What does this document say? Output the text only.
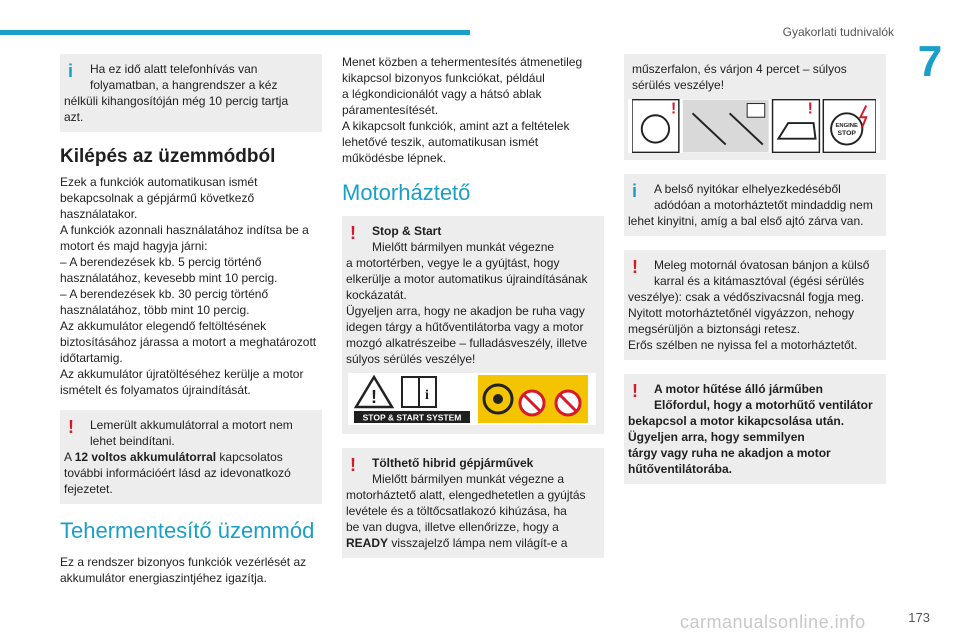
Gyakorlati tudnivalók
7
i	Ha ez idő alatt telefonhívás van
folyamatban, a hangrendszer a kéz
nélküli kihangosítóján még 10 percig tartja
azt.
Kilépés az üzemmódból
Ezek a funkciók automatikusan ismét
bekapcsolnak a gépjármű következő
használatakor.
A funkciók azonnali használatához indítsa be a
motort és majd hagyja járni:
– A berendezések kb. 5 percig történő
használatához, kevesebb mint 10 percig.
– A berendezések kb. 30 percig történő
használatához, több mint 10 percig.
Az akkumulátor elegendő feltöltésének
biztosításához járassa a motort a meghatározott
időtartamig.
Az akkumulátor újratöltéséhez kerülje a motor
ismételt és folyamatos újraindítását.
!	Lemerült akkumulátorral a motort nem
lehet beindítani.
A 12 voltos akkumulátorral kapcsolatos
további információért lásd az idevonatkozó
fejezetet.
Tehermentesítő üzemmód
Ez a rendszer bizonyos funkciók vezérlését az
akkumulátor energiaszintjéhez igazítja.
Menet közben a tehermentesítés átmenetileg
kikapcsol bizonyos funkciókat, például
a légkondicionálót vagy a hátsó ablak
páramentesítését.
A kikapcsolt funkciók, amint azt a feltételek
lehetővé teszik, automatikusan ismét
működésbe lépnek.
Motorháztető
!	Stop & Start
Mielőtt bármilyen munkát végezne
a motortérben, vegye le a gyújtást, hogy
elkerülje a motor automatikus újraindításának
kockázatát.
Ügyeljen arra, hogy ne akadjon be ruha vagy
idegen tárgy a hűtőventilátorba vagy a motor
mozgó alkatrészeibe – fulladásveszély, illetve
súlyos sérülés veszélye!
!	i
STOP & START SYSTEM
!	Tölthető hibrid gépjárművek
Mielőtt bármilyen munkát végezne a
motorháztető alatt, elengedhetetlen a gyújtás
levétele és a töltőcsatlakozó kihúzása, ha
be van dugva, illetve ellenőrizze, hogy a
READY visszajelző lámpa nem világít-e a
műszerfalon, és várjon 4 percet – súlyos
sérülés veszélye!
!	!
ENGINE
STOP
i	A belső nyitókar elhelyezkedéséből
adódóan a motorháztetőt mindaddig nem
lehet kinyitni, amíg a bal első ajtó zárva van.
!	Meleg motornál óvatosan bánjon a külső
karral és a kitámasztóval (égési sérülés
veszélye): csak a védőszivacsnál fogja meg.
Nyitott motorháztetőnél vigyázzon, nehogy
megsérüljön a biztonsági retesz.
Erős szélben ne nyissa fel a motorháztetőt.
!	A motor hűtése álló járműben
Előfordul, hogy a motorhűtő ventilátor
bekapcsol a motor kikapcsolása után.
Ügyeljen arra, hogy semmilyen
tárgy vagy ruha ne akadjon a motor
hűtőventilátorába.
carmanualsonline.info	173
